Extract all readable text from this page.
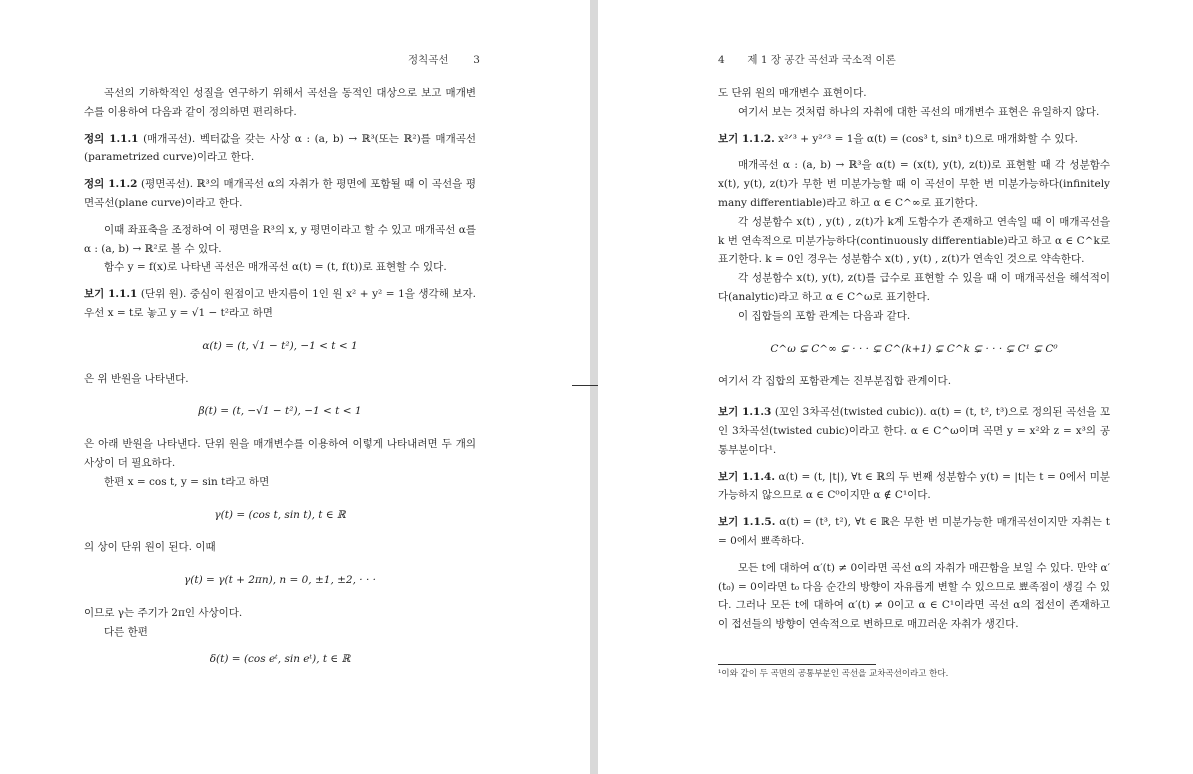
정칙곡선 3

곡선의 기하학적인 성질을 연구하기 위해서 곡선을 동적인 대상으로 보고 매개변수를 이용하여 다음과 같이 정의하면 편리하다.

정의 1.1.1 (매개곡선). 벡터값을 갖는 사상 α : (a, b) → ℝ³(또는 ℝ²)를 매개곡선(parametrized curve)이라고 한다.

정의 1.1.2 (평면곡선). ℝ³의 매개곡선 α의 자취가 한 평면에 포함될 때 이 곡선을 평면곡선(plane curve)이라고 한다.

이때 좌표축을 조정하여 이 평면을 R³의 x, y 평면이라고 할 수 있고 매개곡선 α를 α : (a, b) → ℝ²로 볼 수 있다.

함수 y = f(x)로 나타낸 곡선은 매개곡선 α(t) = (t, f(t))로 표현할 수 있다.

보기 1.1.1 (단위 원). 중심이 원점이고 반지름이 1인 원 x² + y² = 1을 생각해 보자. 우선 x = t로 놓고 y = √1 − t²라고 하면

α(t) = (t, √1 − t²), −1 < t < 1

은 위 반원을 나타낸다.

β(t) = (t, −√1 − t²), −1 < t < 1

은 아래 반원을 나타낸다. 단위 원을 매개변수를 이용하여 이렇게 나타내려면 두 개의 사상이 더 필요하다.

한편 x = cos t, y = sin t라고 하면

γ(t) = (cos t, sin t), t ∈ ℝ

의 상이 단위 원이 된다. 이때

γ(t) = γ(t + 2πn), n = 0, ±1, ±2, · · ·

이므로 γ는 주기가 2π인 사상이다.

다른 한편

δ(t) = (cos eᵗ, sin eᵗ), t ∈ ℝ

4 제 1 장 공간 곡선과 국소적 이론

도 단위 원의 매개변수 표현이다.

여기서 보는 것처럼 하나의 자취에 대한 곡선의 매개변수 표현은 유일하지 않다.

보기 1.1.2. x²ᐟ³ + y²ᐟ³ = 1을 α(t) = (cos³ t, sin³ t)으로 매개화할 수 있다.

매개곡선 α : (a, b) → ℝ³을 α(t) = (x(t), y(t), z(t))로 표현할 때 각 성분함수 x(t), y(t), z(t)가 무한 번 미분가능할 때 이 곡선이 무한 번 미분가능하다(infinitely many differentiable)라고 하고 α ∈ C^∞로 표기한다.

각 성분함수 x(t) , y(t) , z(t)가 k계 도함수가 존재하고 연속일 때 이 매개곡선을 k 번 연속적으로 미분가능하다(continuously differentiable)라고 하고 α ∈ C^k로 표기한다. k = 0인 경우는 성분함수 x(t) , y(t) , z(t)가 연속인 것으로 약속한다.

각 성분함수 x(t), y(t), z(t)를 급수로 표현할 수 있을 때 이 매개곡선을 해석적이다(analytic)라고 하고 α ∈ C^ω로 표기한다.

이 집합들의 포함 관계는 다음과 같다.

C^ω ⊊ C^∞ ⊊ · · · ⊊ C^(k+1) ⊊ C^k ⊊ · · · ⊊ C¹ ⊊ C⁰

여기서 각 집합의 포함관계는 진부분집합 관계이다.

보기 1.1.3 (꼬인 3차곡선(twisted cubic)). α(t) = (t, t², t³)으로 정의된 곡선을 꼬인 3차곡선(twisted cubic)이라고 한다. α ∈ C^ω이며 곡면 y = x²와 z = x³의 공통부분이다¹.

보기 1.1.4. α(t) = (t, |t|), ∀t ∈ ℝ의 두 번째 성분함수 y(t) = |t|는 t = 0에서 미분가능하지 않으므로 α ∈ C⁰이지만 α ∉ C¹이다.

보기 1.1.5. α(t) = (t³, t²), ∀t ∈ ℝ은 무한 번 미분가능한 매개곡선이지만 자취는 t = 0에서 뾰족하다.

모든 t에 대하여 α′(t) ≠ 0이라면 곡선 α의 자취가 매끈함을 보일 수 있다. 만약 α′(t₀) = 0이라면 t₀ 다음 순간의 방향이 자유롭게 변할 수 있으므로 뾰족점이 생길 수 있다. 그러나 모든 t에 대하여 α′(t) ≠ 0이고 α ∈ C¹이라면 곡선 α의 접선이 존재하고 이 접선들의 방향이 연속적으로 변하므로 매끄러운 자취가 생긴다.

¹이와 같이 두 곡면의 공통부분인 곡선을 교차곡선이라고 한다.
